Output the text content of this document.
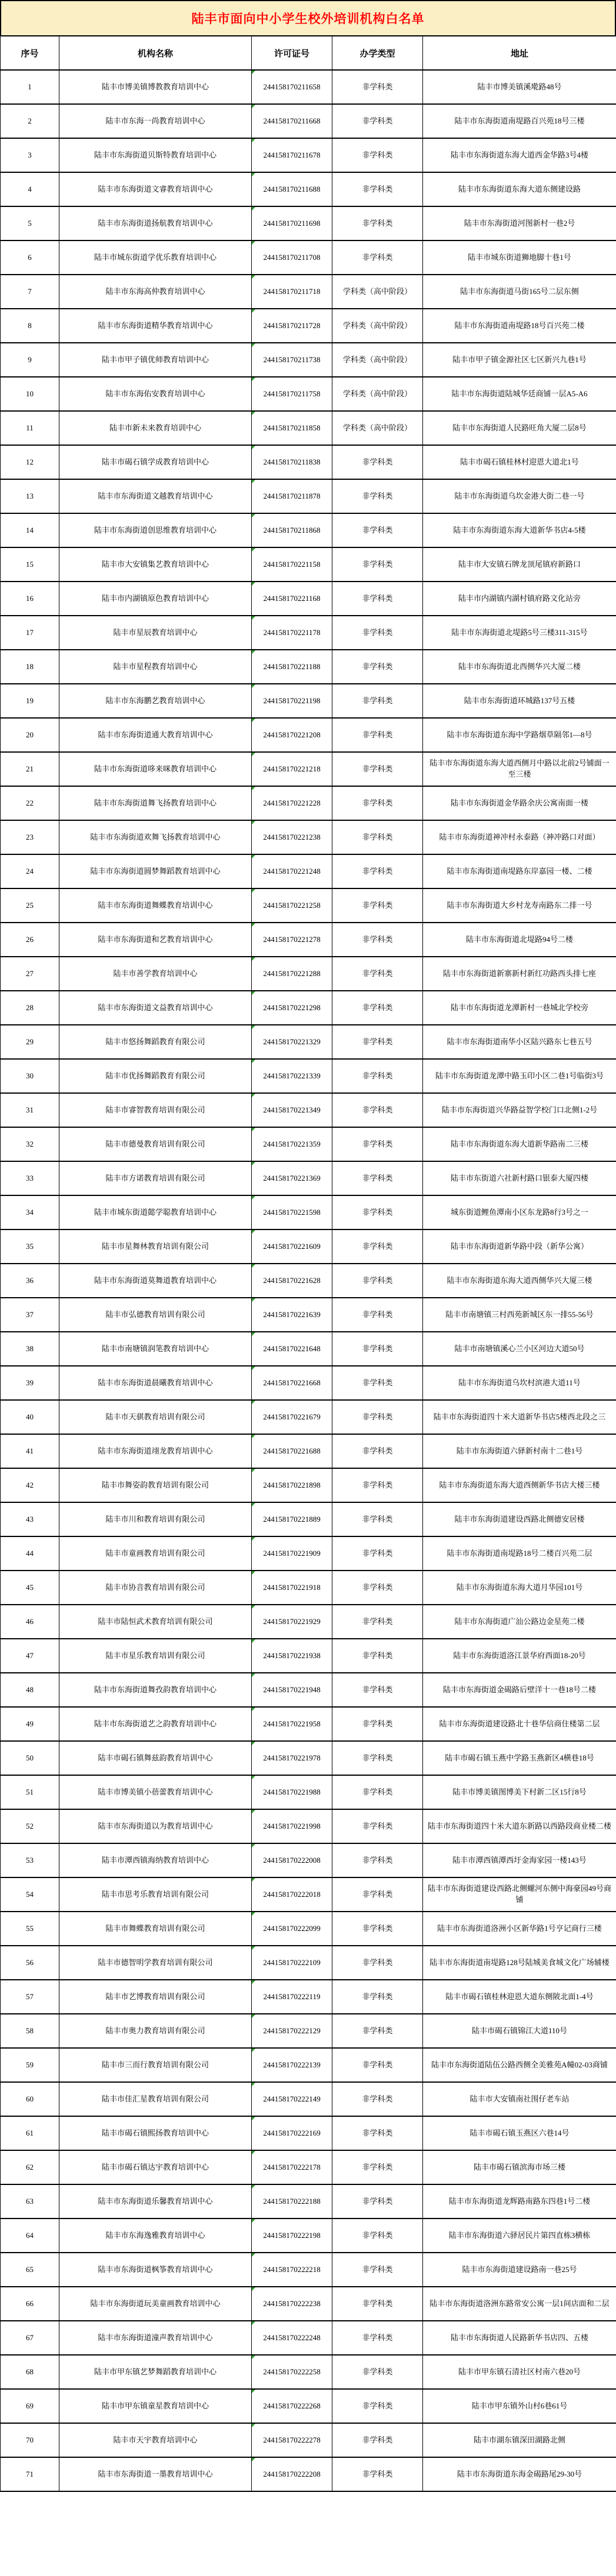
陆丰市面向中小学生校外培训机构白名单
序号	机构名称	许可证号	办学类型	地址
1	陆丰市博美镇博教教育培训中心	244158170211658	非学科类	陆丰市博美镇溪墘路48号
2	陆丰市东海一尚教育培训中心	244158170211668	非学科类	陆丰市东海街道南堤路百兴苑18号三楼
3	陆丰市东海街道贝斯特教育培训中心	244158170211678	非学科类	陆丰市东海街道东海大道西金华路3号4楼
4	陆丰市东海街道文睿教育培训中心	244158170211688	非学科类	陆丰市东海街道东海大道东侧建设路
5	陆丰市东海街道扬航教育培训中心	244158170211698	非学科类	陆丰市东海街道河图新村一巷2号
6	陆丰市城东街道学优乐教育培训中心	244158170211708	非学科类	陆丰市城东街道狮地脚十巷1号
7	陆丰市东海高仲教育培训中心	244158170211718	学科类（高中阶段）	陆丰市东海街道马街165号二层东侧
8	陆丰市东海街道精华教育培训中心	244158170211728	学科类（高中阶段）	陆丰市东海街道南堤路18号百兴苑二楼
9	陆丰市甲子镇优师教育培训中心	244158170211738	学科类（高中阶段）	陆丰市甲子镇金源社区七区新兴九巷1号
10	陆丰市东海佑安教育培训中心	244158170211758	学科类（高中阶段）	陆丰市东海街道陆城华廷商铺一层A5-A6
11	陆丰市新未来教育培训中心	244158170211858	学科类（高中阶段）	陆丰市东海街道人民路旺角大厦二层8号
12	陆丰市碣石镇学成教育培训中心	244158170211838	非学科类	陆丰市碣石镇桂林村迎恩大道北1号
13	陆丰市东海街道文越教育培训中心	244158170211878	非学科类	陆丰市东海街道乌坎金港大街二巷一号
14	陆丰市东海街道创思维教育培训中心	244158170211868	非学科类	陆丰市东海街道东海大道新华书店4-5楼
15	陆丰市大安镇集艺教育培训中心	244158170221158	非学科类	陆丰市大安镇石牌龙顶尾镇府新路口
16	陆丰市内湖镇原色教育培训中心	244158170221168	非学科类	陆丰市内湖镇内湖村镇府路文化站旁
17	陆丰市星辰教育培训中心	244158170221178	非学科类	陆丰市东海街道北堤路5号三楼311-315号
18	陆丰市星程教育培训中心	244158170221188	非学科类	陆丰市东海街道北西侧华兴大厦二楼
19	陆丰市东海鹏艺教育培训中心	244158170221198	非学科类	陆丰市东海街道环城路137号五楼
20	陆丰市东海街道通大教育培训中心	244158170221208	非学科类	陆丰市东海街道东海中学路烟草隔邻1—8号
21	陆丰市东海街道哆来咪教育培训中心	244158170221218	非学科类	陆丰市东海街道东海大道西侧月中路以北前2号铺面一至三楼
22	陆丰市东海街道舞飞扬教育培训中心	244158170221228	非学科类	陆丰市东海街道金华路余庆公寓南面一楼
23	陆丰市东海街道欢舞飞扬教育培训中心	244158170221238	非学科类	陆丰市东海街道神冲村永泰路（神冲路口对面）
24	陆丰市东海街道圆梦舞蹈教育培训中心	244158170221248	非学科类	陆丰市东海街道南堤路东岸嘉园一楼、二楼
25	陆丰市东海街道舞蝶教育培训中心	244158170221258	非学科类	陆丰市东海街道大乡村龙寿南路东二排一号
26	陆丰市东海街道和艺教育培训中心	244158170221278	非学科类	陆丰市东海街道北堤路94号二楼
27	陆丰市善学教育培训中心	244158170221288	非学科类	陆丰市东海街道新寨新村新红功路西头排七座
28	陆丰市东海街道文益教育培训中心	244158170221298	非学科类	陆丰市东海街道龙潭新村一巷城北学校旁
29	陆丰市悠扬舞蹈教育有限公司	244158170221329	非学科类	陆丰市东海街道南华小区陆兴路东七巷五号
30	陆丰市优扬舞蹈教育有限公司	244158170221339	非学科类	陆丰市东海街道龙潭中路玉印小区二巷1号临街3号
31	陆丰市睿智教育培训有限公司	244158170221349	非学科类	陆丰市东海街道兴华路益智学校门口北侧1-2号
32	陆丰市德曼教育培训有限公司	244158170221359	非学科类	陆丰市东海街道东海大道新华路南二三楼
33	陆丰市方诺教育培训有限公司	244158170221369	非学科类	陆丰市东街道六社新村路口银泰大厦四楼
34	陆丰市城东街道懿学聪教育培训中心	244158170221598	非学科类	城东街道鲤鱼潭南小区东龙路8行3号之一
35	陆丰市星舞林教育培训有限公司	244158170221609	非学科类	陆丰市东海街道新华路中段（新华公寓）
36	陆丰市东海街道莫舞道教育培训中心	244158170221628	非学科类	陆丰市东海街道东海大道西侧华兴大厦三楼
37	陆丰市弘德教育培训有限公司	244158170221639	非学科类	陆丰市南塘镇三村西苑新城区东一排55-56号
38	陆丰市南塘镇润笔教育培训中心	244158170221648	非学科类	陆丰市南塘镇溪心兰小区河边大道50号
39	陆丰市东海街道晨曦教育培训中心	244158170221668	非学科类	陆丰市东海街道乌坎村滨港大道11号
40	陆丰市天骐教育培训有限公司	244158170221679	非学科类	陆丰市东海街道四十米大道新华书店5楼西北段之三
41	陆丰市东海街道翊龙教育培训中心	244158170221688	非学科类	陆丰市东海街道六驿新村南十二巷1号
42	陆丰市舞姿韵教育培训有限公司	244158170221898	非学科类	陆丰市东海街道东海大道西侧新华书店大楼三楼
43	陆丰市川和教育培训有限公司	244158170221889	非学科类	陆丰市东海街道建设西路北侧德安居楼
44	陆丰市童画教育培训有限公司	244158170221909	非学科类	陆丰市东海街道南堤路18号二楼百兴苑二层
45	陆丰市协音教育培训有限公司	244158170221918	非学科类	陆丰市东海街道东海大道月华园101号
46	陆丰市陆恒武术教育培训有限公司	244158170221929	非学科类	陆丰市东海街道广汕公路边金星苑二楼
47	陆丰市星乐教育培训有限公司	244158170221938	非学科类	陆丰市东海街道洛江景华府西面18-20号
48	陆丰市东海街道舞孜韵教育培训中心	244158170221948	非学科类	陆丰市东海街道金碣路后壁洋十一巷18号二楼
49	陆丰市东海街道艺之韵教育培训中心	244158170221958	非学科类	陆丰市东海街道建设路北十巷华信商住楼第二层
50	陆丰市碣石镇舞兹韵教育培训中心	244158170221978	非学科类	陆丰市碣石镇玉燕中学路玉燕新区4横巷18号
51	陆丰市博美镇小蓓蕾教育培训中心	244158170221988	非学科类	陆丰市博美镇图博美下村新二区15行8号
52	陆丰市东海街道以为教育培训中心	244158170221998	非学科类	陆丰市东海街道四十米大道东新路以西路段商业楼二楼
53	陆丰市潭西镇海纳教育培训中心	244158170222008	非学科类	陆丰市潭西镇潭西圩金海家园一楼143号
54	陆丰市思考乐教育培训有限公司	244158170222018	非学科类	陆丰市东海街道建设西路北侧螺河东侧中海豪园49号商铺
55	陆丰市舞蝶教育培训有限公司	244158170222099	非学科类	陆丰市东海街道洛洲小区新华路1号亨记商行三楼
56	陆丰市德智明学教育培训有限公司	244158170222109	非学科类	陆丰市东海街道南堤路128号陆城美食城文化广场辅楼
57	陆丰市艺博教育培训有限公司	244158170222119	非学科类	陆丰市碣石镇桂林迎恩大道东侧陂北面1-4号
58	陆丰市奥力教育培训有限公司	244158170222129	非学科类	陆丰市碣石镇锦江大道110号
59	陆丰市三而行教育培训有限公司	244158170222139	非学科类	陆丰市东海街道陆伍公路西侧全美雅苑A幢02-03商铺
60	陆丰市佳汇星教育培训有限公司	244158170222149	非学科类	陆丰市大安镇南社围仔老车站
61	陆丰市碣石镇熙扬教育培训中心	244158170222169	非学科类	陆丰市碣石镇玉燕区六巷14号
62	陆丰市碣石镇达宇教育培训中心	244158170222178	非学科类	陆丰市碣石镇滨海市场三楼
63	陆丰市东海街道乐馨教育培训中心	244158170222188	非学科类	陆丰市东海街道龙辉路南路东四巷1号二楼
64	陆丰市东海逸雅教育培训中心	244158170222198	非学科类	陆丰市东海街道六驿居民片第四直栋3横栋
65	陆丰市东海街道枫筝教育培训中心	244158170222218	非学科类	陆丰市东海街道建设路南一巷25号
66	陆丰市东海街道玩美童画教育培训中心	244158170222238	非学科类	陆丰市东海街道洛洲东路常安公寓一层1间店面和二层
67	陆丰市东海街道潼声教育培训中心	244158170222248	非学科类	陆丰市东海街道人民路新华书店四、五楼
68	陆丰市甲东镇艺梦舞蹈教育培训中心	244158170222258	非学科类	陆丰市甲东镇石清社区村南六巷20号
69	陆丰市甲东镇童星教育培训中心	244158170222268	非学科类	陆丰市甲东镇外山村6巷61号
70	陆丰市天宇教育培训中心	244158170222278	非学科类	陆丰市湖东镇深田湖路北侧
71	陆丰市东海街道一墨教育培训中心	244158170222208	非学科类	陆丰市东海街道东海金碣路尾29-30号
